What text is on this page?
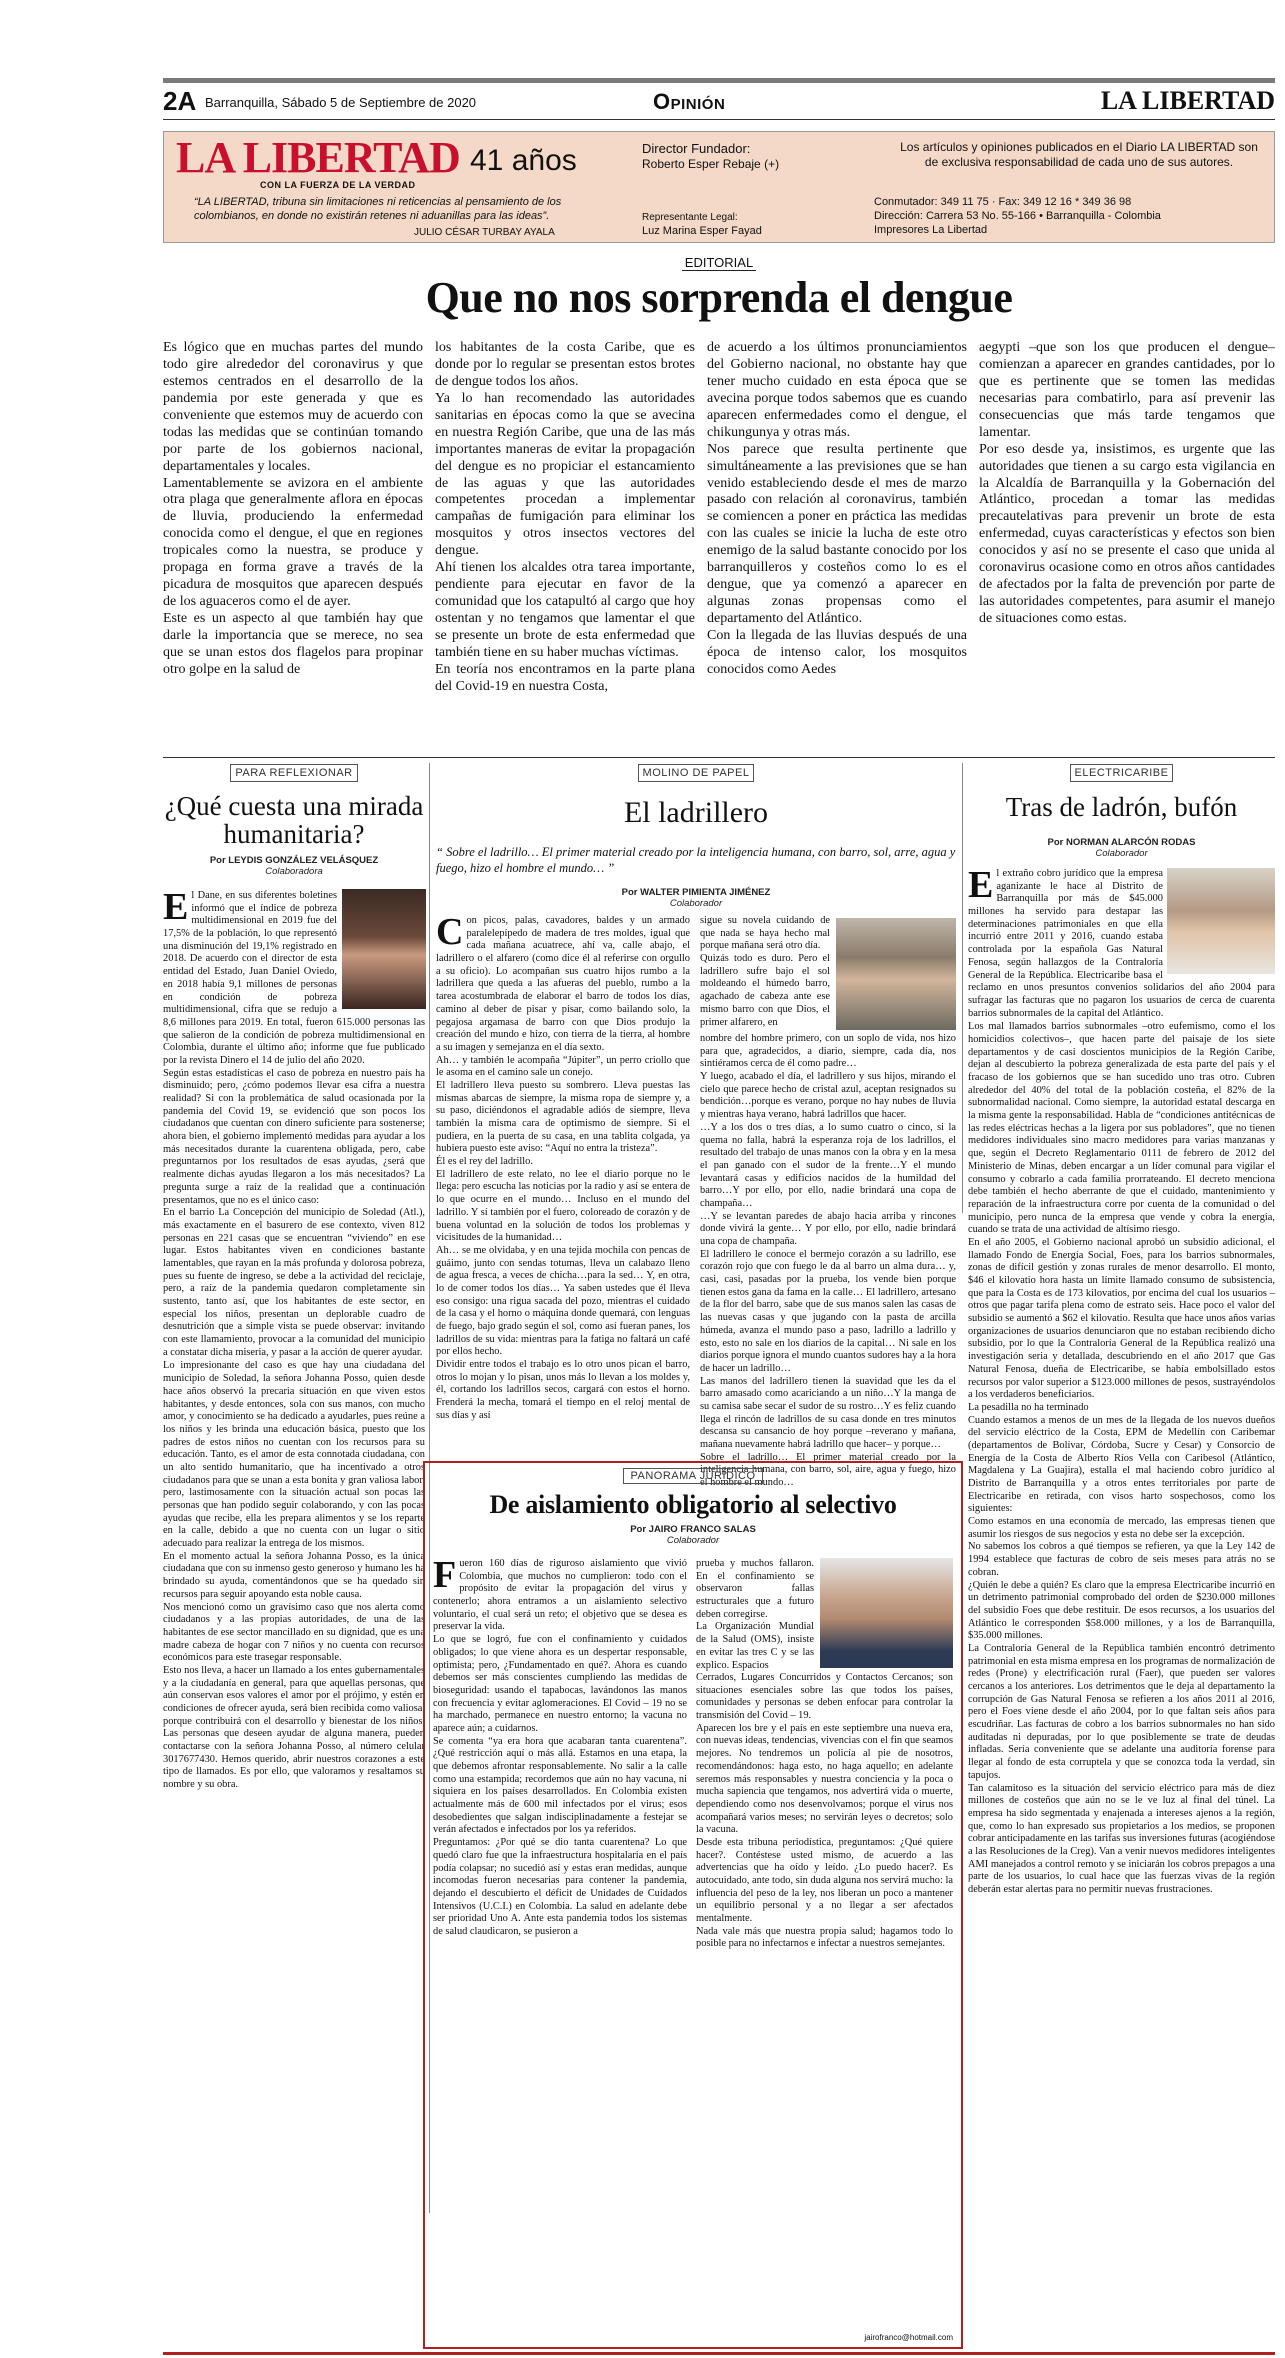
2A Barranquilla, Sábado 5 de Septiembre de 2020	Opinión	LA LIBERTAD
LA LIBERTAD
CON LA FUERZA DE LA VERDAD
41 años
“LA LIBERTAD, tribuna sin limitaciones ni reticencias al pensamiento de los colombianos, en donde no existirán retenes ni aduanillas para las ideas”.
JULIO CÉSAR TURBAY AYALA
Director Fundador:
Roberto Esper Rebaje (+)
Representante Legal:
Luz Marina Esper Fayad
Los artículos y opiniones publicados en el Diario LA LIBERTAD son de exclusiva responsabilidad de cada uno de sus autores.
Conmutador: 349 11 75 · Fax: 349 12 16 * 349 36 98
Dirección: Carrera 53 No. 55-166 • Barranquilla - Colombia
Impresores La Libertad
EDITORIAL
Que no nos sorprenda el dengue
Es lógico que en muchas partes del mundo todo gire alrededor del coronavirus y que estemos centrados en el desarrollo de la pandemia por este generada y que es conveniente que estemos muy de acuerdo con todas las medidas que se continúan tomando por parte de los gobiernos nacional, departamentales y locales.
Lamentablemente se avizora en el ambiente otra plaga que generalmente aflora en épocas de lluvia, produciendo la enfermedad conocida como el dengue, el que en regiones tropicales como la nuestra, se produce y propaga en forma grave a través de la picadura de mosquitos que aparecen después de los aguaceros como el de ayer.
Este es un aspecto al que también hay que darle la importancia que se merece, no sea que se unan estos dos flagelos para propinar otro golpe en la salud de
los habitantes de la costa Caribe, que es donde por lo regular se presentan estos brotes de dengue todos los años.
Ya lo han recomendado las autoridades sanitarias en épocas como la que se avecina en nuestra Región Caribe, que una de las más importantes maneras de evitar la propagación del dengue es no propiciar el estancamiento de las aguas y que las autoridades competentes procedan a implementar campañas de fumigación para eliminar los mosquitos y otros insectos vectores del dengue.
Ahí tienen los alcaldes otra tarea importante, pendiente para ejecutar en favor de la comunidad que los catapultó al cargo que hoy ostentan y no tengamos que lamentar el que se presente un brote de esta enfermedad que también tiene en su haber muchas víctimas.
En teoría nos encontramos en la parte plana del Covid-19 en nuestra Costa,
de acuerdo a los últimos pronunciamientos del Gobierno nacional, no obstante hay que tener mucho cuidado en esta época que se avecina porque todos sabemos que es cuando aparecen enfermedades como el dengue, el chikungunya y otras más.
Nos parece que resulta pertinente que simultáneamente a las previsiones que se han venido estableciendo desde el mes de marzo pasado con relación al coronavirus, también se comiencen a poner en práctica las medidas con las cuales se inicie la lucha de este otro enemigo de la salud bastante conocido por los barranquilleros y costeños como lo es el dengue, que ya comenzó a aparecer en algunas zonas propensas como el departamento del Atlántico.
Con la llegada de las lluvias después de una época de intenso calor, los mosquitos conocidos como Aedes
aegypti –que son los que producen el dengue– comienzan a aparecer en grandes cantidades, por lo que es pertinente que se tomen las medidas necesarias para combatirlo, para así prevenir las consecuencias que más tarde tengamos que lamentar.
Por eso desde ya, insistimos, es urgente que las autoridades que tienen a su cargo esta vigilancia en la Alcaldía de Barranquilla y la Gobernación del Atlántico, procedan a tomar las medidas precautelativas para prevenir un brote de esta enfermedad, cuyas características y efectos son bien conocidos y así no se presente el caso que unida al coronavirus ocasione como en otros años cantidades de afectados por la falta de prevención por parte de las autoridades competentes, para asumir el manejo de situaciones como estas.
PARA REFLEXIONAR
¿Qué cuesta una mirada humanitaria?
Por LEYDIS GONZÁLEZ VELÁSQUEZ
Colaboradora
El Dane, en sus diferentes boletines informó que el índice de pobreza multidimensional en 2019 fue del 17,5% de la población, lo que representó una disminución del 19,1% registrado en 2018. De acuerdo con el director de esta entidad del Estado, Juan Daniel Oviedo, en 2018 había 9,1 millones de personas en condición de pobreza multidimensional, cifra que se redujo a 8,6 millones para 2019. En total, fueron 615.000 personas las que salieron de la condición de pobreza multidimensional en Colombia, durante el último año; informe que fue publicado por la revista Dinero el 14 de julio del año 2020.
Según estas estadísticas el caso de pobreza en nuestro país ha disminuido; pero, ¿cómo podemos llevar esa cifra a nuestra realidad? Si con la problemática de salud ocasionada por la pandemia del Covid 19, se evidenció que son pocos los ciudadanos que cuentan con dinero suficiente para sostenerse; ahora bien, el gobierno implementó medidas para ayudar a los más necesitados durante la cuarentena obligada, pero, cabe preguntarnos por los resultados de esas ayudas, ¿será que realmente dichas ayudas llegaron a los más necesitados? La pregunta surge a raíz de la realidad que a continuación presentamos, que no es el único caso:
En el barrio La Concepción del municipio de Soledad (Atl.), más exactamente en el basurero de ese contexto, viven 812 personas en 221 casas que se encuentran “viviendo” en ese lugar. Estos habitantes viven en condiciones bastante lamentables, que rayan en la más profunda y dolorosa pobreza, pues su fuente de ingreso, se debe a la actividad del reciclaje, pero, a raíz de la pandemia quedaron completamente sin sustento, tanto así, que los habitantes de este sector, en especial los niños, presentan un deplorable cuadro de desnutrición que a simple vista se puede observar: invitando con este llamamiento, provocar a la comunidad del municipio a constatar dicha miseria, y pasar a la acción de querer ayudar.
Lo impresionante del caso es que hay una ciudadana del municipio de Soledad, la señora Johanna Posso, quien desde hace años observó la precaria situación en que viven estos habitantes, y desde entonces, sola con sus manos, con mucho amor, y conocimiento se ha dedicado a ayudarles, pues reúne a los niños y les brinda una educación básica, puesto que los padres de estos niños no cuentan con los recursos para su educación. Tanto, es el amor de esta connotada ciudadana, con un alto sentido humanitario, que ha incentivado a otros ciudadanos para que se unan a esta bonita y gran valiosa labor, pero, lastimosamente con la situación actual son pocas las personas que han podido seguir colaborando, y con las pocas ayudas que recibe, ella les prepara alimentos y se los reparte en la calle, debido a que no cuenta con un lugar o sitio adecuado para realizar la entrega de los mismos.
En el momento actual la señora Johanna Posso, es la única ciudadana que con su inmenso gesto generoso y humano les ha brindado su ayuda, comentándonos que se ha quedado sin recursos para seguir apoyando esta noble causa.
Nos mencionó como un gravísimo caso que nos alerta como ciudadanos y a las propias autoridades, de una de las habitantes de ese sector mancillado en su dignidad, que es una madre cabeza de hogar con 7 niños y no cuenta con recursos económicos para este trasegar responsable.
Esto nos lleva, a hacer un llamado a los entes gubernamentales y a la ciudadanía en general, para que aquellas personas, que aún conservan esos valores el amor por el prójimo, y estén en condiciones de ofrecer ayuda, será bien recibida como valiosa, porque contribuirá con el desarrollo y bienestar de los niños. Las personas que deseen ayudar de alguna manera, pueden contactarse con la señora Johanna Posso, al número celular 3017677430. Hemos querido, abrir nuestros corazones a este tipo de llamados. Es por ello, que valoramos y resaltamos su nombre y su obra.
MOLINO DE PAPEL
El ladrillero
“ Sobre el ladrillo… El primer material creado por la inteligencia humana, con barro, sol, arre, agua y fuego, hizo el hombre el mundo… ”
Por WALTER PIMIENTA JIMÉNEZ
Colaborador
Con picos, palas, cavadores, baldes y un armado paralelepípedo de madera de tres moldes, igual que cada mañana acuatrece, ahí va, calle abajo, el ladrillero o el alfarero (como dice él al referirse con orgullo a su oficio). Lo acompañan sus cuatro hijos rumbo a la ladrillera que queda a las afueras del pueblo, rumbo a la tarea acostumbrada de elaborar el barro de todos los días, camino al deber de pisar y pisar, como bailando solo, la pegajosa argamasa de barro con que Dios produjo la creación del mundo e hizo, con tierra de la tierra, al hombre a su imagen y semejanza en el día sexto.
Ah… y también le acompaña “Júpiter”, un perro criollo que le asoma en el camino sale un conejo.
El ladrillero lleva puesto su sombrero. Lleva puestas las mismas abarcas de siempre, la misma ropa de siempre y, a su paso, diciéndonos el agradable adiós de siempre, lleva también la misma cara de optimismo de siempre. Si el pudiera, en la puerta de su casa, en una tablita colgada, ya hubiera puesto este aviso: “Aquí no entra la tristeza”.
Él es el rey del ladrillo.
El ladrillero de este relato, no lee el diario porque no le llega: pero escucha las noticias por la radio y así se entera de lo que ocurre en el mundo… Incluso en el mundo del ladrillo. Y sí también por el fuero, coloreado de corazón y de buena voluntad en la solución de todos los problemas y vicisitudes de la humanidad…
Ah… se me olvidaba, y en una tejida mochila con pencas de guáimo, junto con sendas totumas, lleva un calabazo lleno de agua fresca, a veces de chicha…para la sed… Y, en otra, lo de comer todos los días… Ya saben ustedes que él lleva eso consigo: una rigua sacada del pozo, mientras el cuidado de la casa y el horno o máquina donde quemará, con lenguas de fuego, bajo grado según el sol, como así fueran panes, los ladrillos de su vida: mientras para la fatiga no faltará un café por ellos hecho.
Dividir entre todos el trabajo es lo otro unos pican el barro, otros lo mojan y lo pisan, unos más lo llevan a los moldes y, él, cortando los ladrillos secos, cargará con estos el horno. Frenderá la mecha, tomará el tiempo en el reloj mental de sus días y así
sigue su novela cuidando de que nada se haya hecho mal porque mañana será otro día.
Quizás todo es duro. Pero el ladrillero sufre bajo el sol moldeando el húmedo barro, agachado de cabeza ante ese mismo barro con que Dios, el primer alfarero, en
nombre del hombre primero, con un soplo de vida, nos hizo para que, agradecidos, a diario, siempre, cada día, nos sintiéramos cerca de él como padre…
Y luego, acabado el día, el ladrillero y sus hijos, mirando el cielo que parece hecho de cristal azul, aceptan resignados su bendición…porque es verano, porque no hay nubes de lluvia y mientras haya verano, habrá ladrillos que hacer.
…Y a los dos o tres días, a lo sumo cuatro o cinco, si la quema no falla, habrá la esperanza roja de los ladrillos, el resultado del trabajo de unas manos con la obra y en la mesa el pan ganado con el sudor de la frente…Y el mundo levantará casas y edificios nacidos de la humildad del barro…Y por ello, por ello, nadie brindará una copa de champaña…
…Y se levantan paredes de abajo hacia arriba y rincones donde vivirá la gente… Y por ello, por ello, nadie brindará una copa de champaña.
El ladrillero le conoce el bermejo corazón a su ladrillo, ese corazón rojo que con fuego le da al barro un alma dura… y, casi, casi, pasadas por la prueba, los vende bien porque tienen estos gana da fama en la calle… El ladrillero, artesano de la flor del barro, sabe que de sus manos salen las casas de las nuevas casas y que jugando con la pasta de arcilla húmeda, avanza el mundo paso a paso, ladrillo a ladrillo y esto, esto no sale en los diarios de la capital… Ni sale en los diarios porque ignora el mundo cuantos sudores hay a la hora de hacer un ladrillo…
Las manos del ladrillero tienen la suavidad que les da el barro amasado como acariciando a un niño…Y la manga de su camisa sabe secar el sudor de su rostro…Y es feliz cuando llega el rincón de ladrillos de su casa donde en tres minutos descansa su cansancio de hoy porque –reverano y mañana, mañana nuevamente habrá ladrillo que hacer– y porque…
Sobre el ladrillo… El primer material creado por la inteligencia humana, con barro, sol, aire, agua y fuego, hizo el hombre el mundo…
ELECTRICARIBE
Tras de ladrón, bufón
Por NORMAN ALARCÓN RODAS
Colaborador
El extraño cobro jurídico que la empresa aganizante le hace al Distrito de Barranquilla por más de $45.000 millones ha servido para destapar las determinaciones patrimoniales en que ella incurrió entre 2011 y 2016, cuando estaba controlada por la española Gas Natural Fenosa, según hallazgos de la Contraloría General de la República. Electricaribe basa el reclamo en unos presuntos convenios solidarios del año 2004 para sufragar las facturas que no pagaron los usuarios de cerca de cuarenta barrios subnormales de la capital del Atlántico.
Los mal llamados barrios subnormales –otro eufemismo, como el los homicidios colectivos–, que hacen parte del paisaje de los siete departamentos y de casi doscientos municipios de la Región Caribe, dejan al descubierto la pobreza generalizada de esta parte del país y el fracaso de los gobiernos que se han sucedido uno tras otro. Cubren alrededor del 40% del total de la población costeña, el 82% de la subnormalidad nacional. Como siempre, la autoridad estatal descarga en la misma gente la responsabilidad. Habla de “condiciones antitécnicas de las redes eléctricas hechas a la ligera por sus pobladores”, que no tienen medidores individuales sino macro medidores para varias manzanas y que, según el Decreto Reglamentario 0111 de febrero de 2012 del Ministerio de Minas, deben encargar a un líder comunal para vigilar el consumo y cobrarlo a cada familia prorrateando. El decreto menciona debe también el hecho aberrante de que el cuidado, mantenimiento y reparación de la infraestructura corre por cuenta de la comunidad o del municipio, pero nunca de la empresa que vende y cobra la energía, cuando se trata de una actividad de altísimo riesgo.
En el año 2005, el Gobierno nacional aprobó un subsidio adicional, el llamado Fondo de Energía Social, Foes, para los barrios subnormales, zonas de difícil gestión y zonas rurales de menor desarrollo. El monto, $46 el kilovatio hora hasta un límite llamado consumo de subsistencia, que para la Costa es de 173 kilovatios, por encima del cual los usuarios –otros que pagar tarifa plena como de estrato seis. Hace poco el valor del subsidio se aumentó a $62 el kilovatio. Resulta que hace unos años varias organizaciones de usuarios denunciaron que no estaban recibiendo dicho subsidio, por lo que la Contraloría General de la República realizó una investigación seria y detallada, descubriendo en el año 2017 que Gas Natural Fenosa, dueña de Electricaribe, se había embolsillado estos recursos por valor superior a $123.000 millones de pesos, sustrayéndolos a los verdaderos beneficiarios.
La pesadilla no ha terminado
Cuando estamos a menos de un mes de la llegada de los nuevos dueños del servicio eléctrico de la Costa, EPM de Medellín con Caribemar (departamentos de Bolívar, Córdoba, Sucre y Cesar) y Consorcio de Energía de la Costa de Alberto Ríos Vella con Caribesol (Atlántico, Magdalena y La Guajira), estalla el mal haciendo cobro jurídico al Distrito de Barranquilla y a otros entes territoriales por parte de Electricaribe en retirada, con visos harto sospechosos, como los siguientes:
Como estamos en una economía de mercado, las empresas tienen que asumir los riesgos de sus negocios y esta no debe ser la excepción.
No sabemos los cobros a qué tiempos se refieren, ya que la Ley 142 de 1994 establece que facturas de cobro de seis meses para atrás no se cobran.
¿Quién le debe a quién? Es claro que la empresa Electricaribe incurrió en un detrimento patrimonial comprobado del orden de $230.000 millones del subsidio Foes que debe restituir. De esos recursos, a los usuarios del Atlántico le corresponden $58.000 millones, y a los de Barranquilla, $35.000 millones.
La Contraloría General de la República también encontró detrimento patrimonial en esta misma empresa en los programas de normalización de redes (Prone) y electrificación rural (Faer), que pueden ser valores cercanos a los anteriores. Los detrimentos que le deja al departamento la corrupción de Gas Natural Fenosa se refieren a los años 2011 al 2016, pero el Foes viene desde el año 2004, por lo que faltan seis años para escudriñar. Las facturas de cobro a los barrios subnormales no han sido auditadas ni depuradas, por lo que posiblemente se trate de deudas infladas. Sería conveniente que se adelante una auditoría forense para llegar al fondo de esta corruptela y que se conozca toda la verdad, sin tapujos.
Tan calamitoso es la situación del servicio eléctrico para más de diez millones de costeños que aún no se le ve luz al final del túnel. La empresa ha sido segmentada y enajenada a intereses ajenos a la región, que, como lo han expresado sus propietarios a los medios, se proponen cobrar anticipadamente en las tarifas sus inversiones futuras (acogiéndose a las Resoluciones de la Creg). Van a venir nuevos medidores inteligentes AMI manejados a control remoto y se iniciarán los cobros prepagos a una parte de los usuarios, lo cual hace que las fuerzas vivas de la región deberán estar alertas para no permitir nuevas frustraciones.
PANORAMA JURÍDICO
De aislamiento obligatorio al selectivo
Por JAIRO FRANCO SALAS
Colaborador
Fueron 160 días de riguroso aislamiento que vivió Colombia, que muchos no cumplieron: todo con el propósito de evitar la propagación del virus y contenerlo; ahora entramos a un aislamiento selectivo voluntario, el cual será un reto; el objetivo que se desea es preservar la vida.
Lo que se logró, fue con el confinamiento y cuidados obligados; lo que viene ahora es un despertar responsable, optimista; pero, ¿Fundamentado en qué?. Ahora es cuando debemos ser más conscientes cumpliendo las medidas de bioseguridad: usando el tapabocas, lavándonos las manos con frecuencia y evitar aglomeraciones. El Covid – 19 no se ha marchado, permanece en nuestro entorno; la vacuna no aparece aún; a cuidarnos.
Se comenta “ya era hora que acabaran tanta cuarentena”. ¿Qué restricción aquí o más allá. Estamos en una etapa, la que debemos afrontar responsablemente. No salir a la calle como una estampida; recordemos que aún no hay vacuna, ni siquiera en los países desarrollados. En Colombia existen actualmente más de 600 mil infectados por el virus; esos desobedientes que salgan indisciplinadamente a festejar se verán afectados e infectados por los ya referidos.
Preguntamos: ¿Por qué se dio tanta cuarentena? Lo que quedó claro fue que la infraestructura hospitalaria en el país podía colapsar; no sucedió así y estas eran medidas, aunque incomodas fueron necesarias para contener la pandemia, dejando el descubierto el déficit de Unidades de Cuidados Intensivos (U.C.I.) en Colombia. La salud en adelante debe ser prioridad Uno A. Ante esta pandemia todos los sistemas de salud claudicaron, se pusieron a
prueba y muchos fallaron. En el confinamiento se observaron fallas estructurales que a futuro deben corregirse.
La Organización Mundial de la Salud (OMS), insiste en evitar las tres C y se las explico. Espacios
Cerrados, Lugares Concurridos y Contactos Cercanos; son situaciones esenciales sobre las que todos los países, comunidades y personas se deben enfocar para controlar la transmisión del Covid – 19.
Aparecen los bre y el país en este septiembre una nueva era, con nuevas ideas, tendencias, vivencias con el fin que seamos mejores. No tendremos un policía al pie de nosotros, recomendándonos: haga esto, no haga aquello; en adelante seremos más responsables y nuestra conciencia y la poca o mucha sapiencia que tengamos, nos advertirá vida o muerte, dependiendo como nos desenvolvamos; porque el virus nos acompañará varios meses; no servirán leyes o decretos; solo la vacuna.
Desde esta tribuna periodística, preguntamos: ¿Qué quiere hacer?. Contéstese usted mismo, de acuerdo a las advertencias que ha oído y leído. ¿Lo puedo hacer?. Es autocuidado, ante todo, sin duda alguna nos servirá mucho: la influencia del peso de la ley, nos liberan un poco a mantener un equilibrio personal y a no llegar a ser afectados mentalmente.
Nada vale más que nuestra propia salud; hagamos todo lo posible para no infectarnos e infectar a nuestros semejantes.
jairofranco@hotmail.com
